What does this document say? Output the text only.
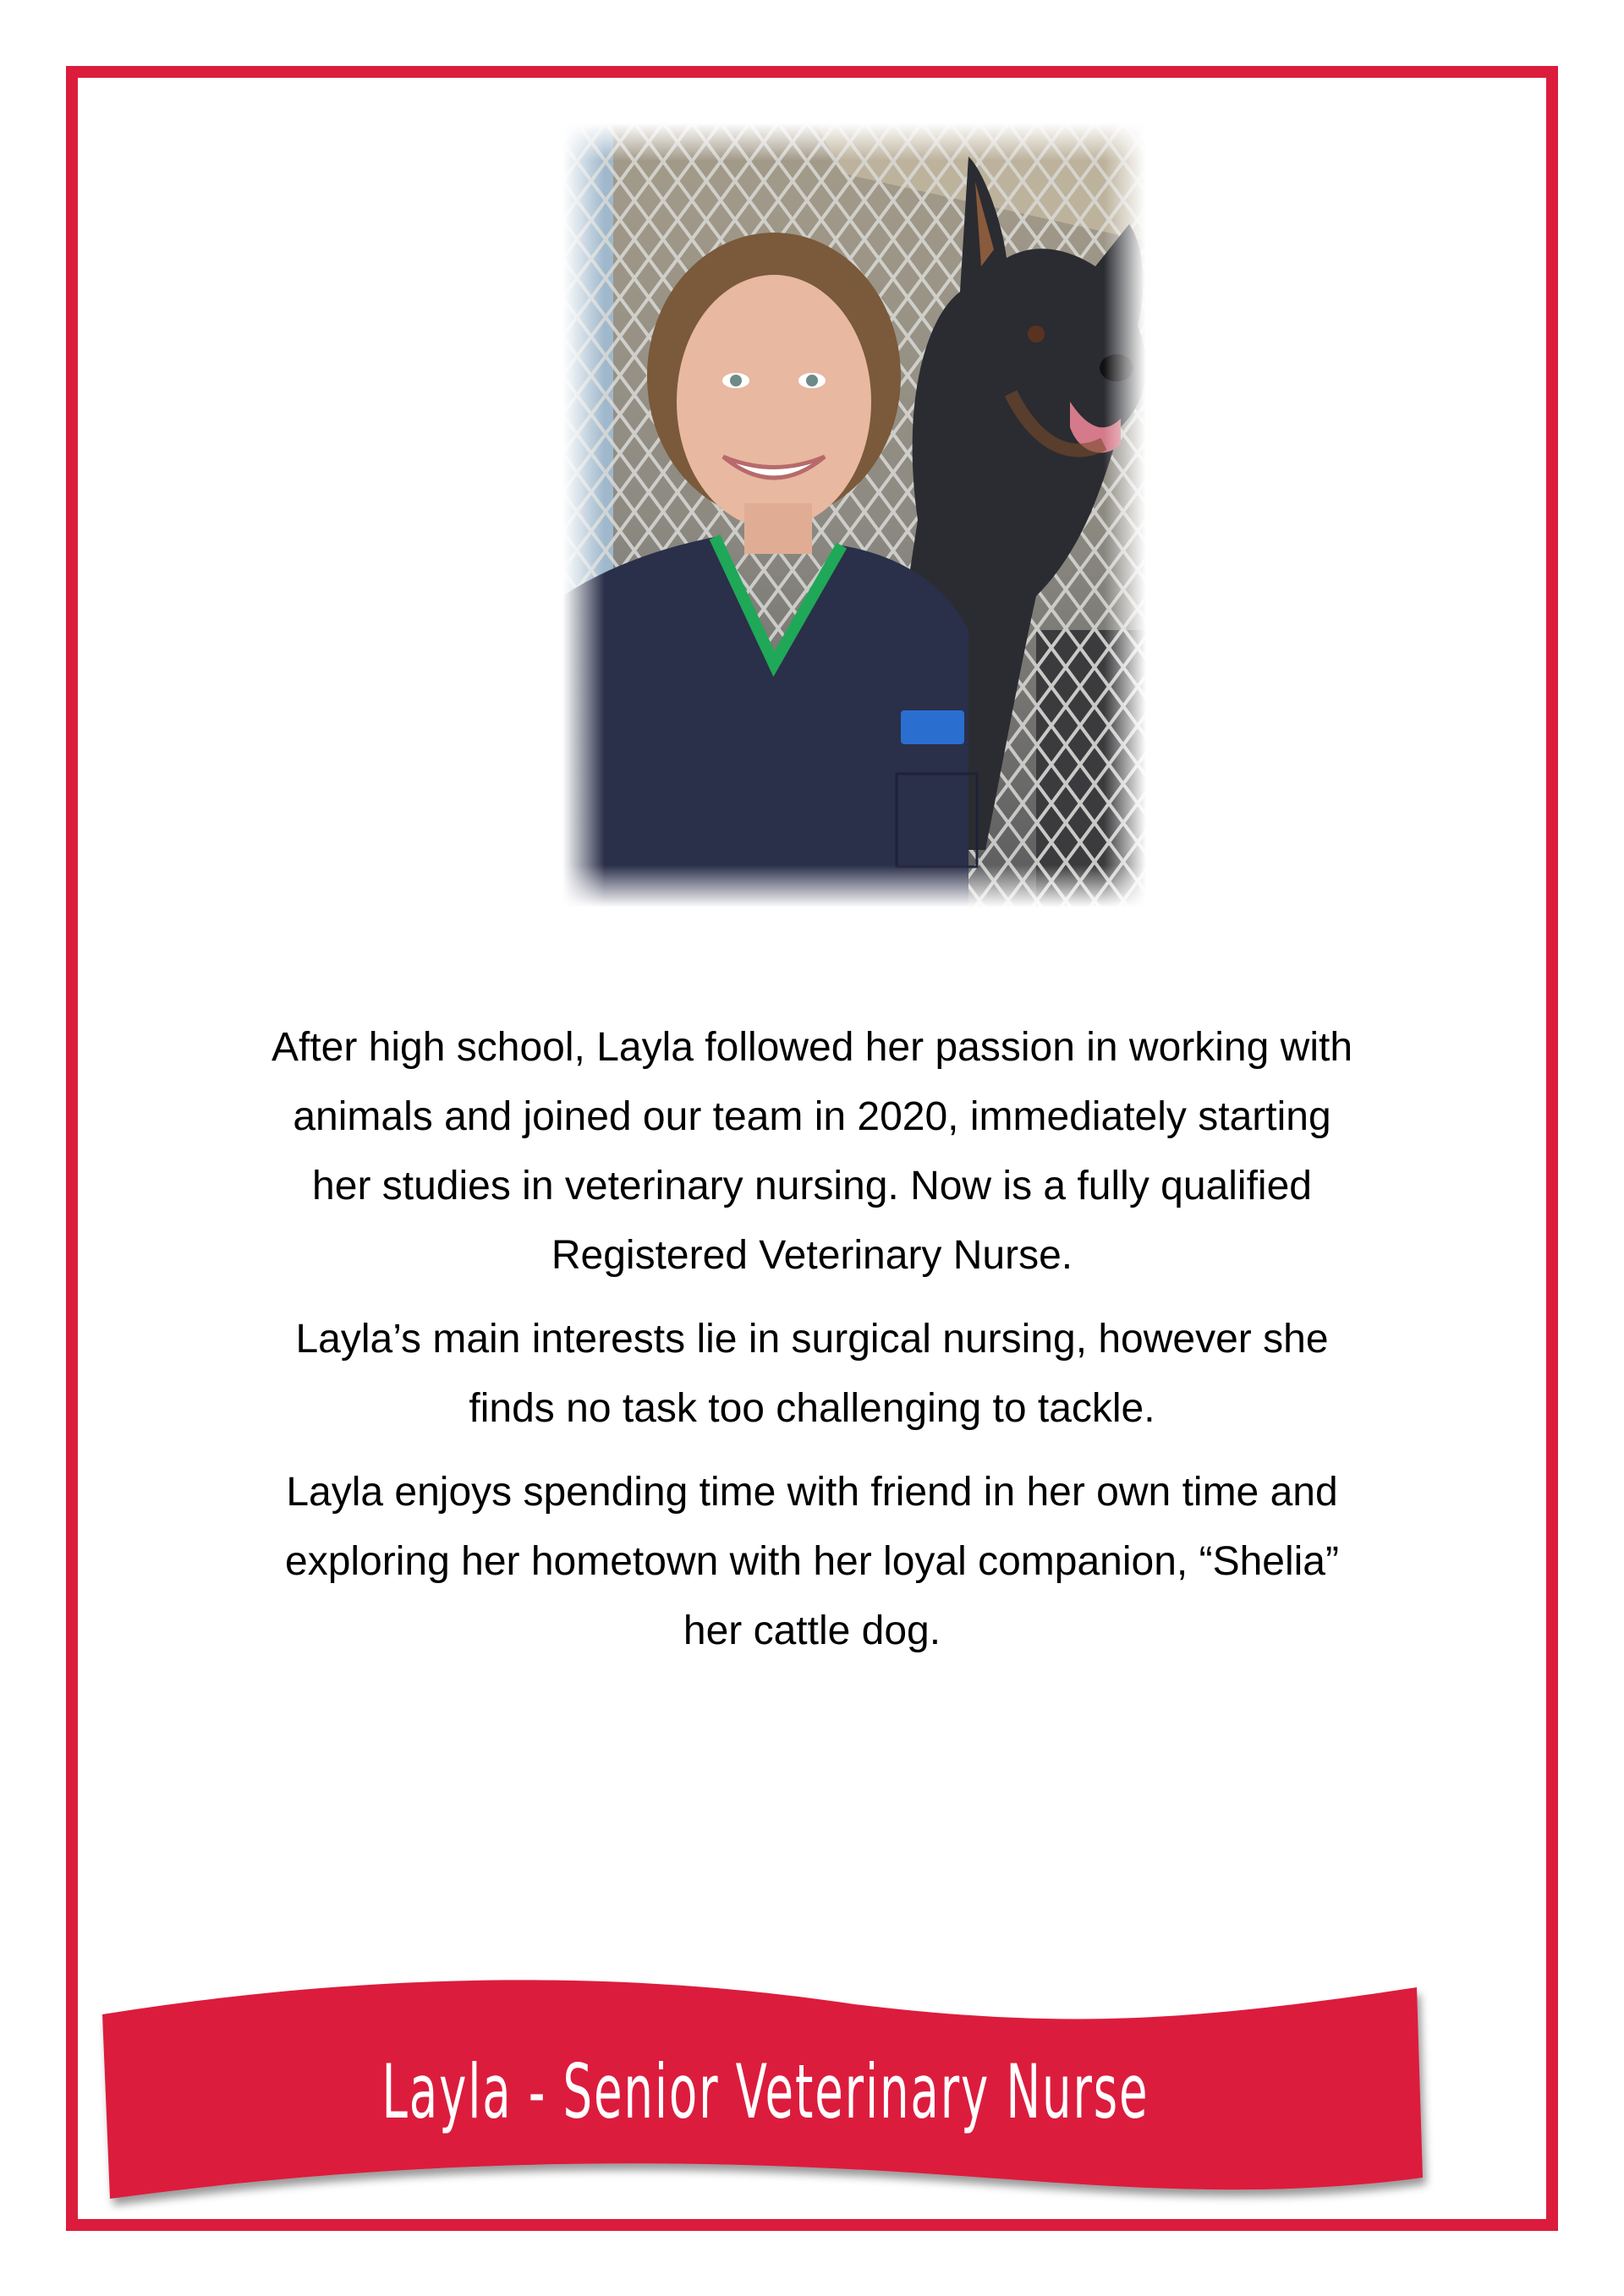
After high school, Layla followed her passion in working with
animals and joined our team in 2020, immediately starting
her studies in veterinary nursing. Now is a fully qualified
Registered Veterinary Nurse.

Layla’s main interests lie in surgical nursing, however she
finds no task too challenging to tackle.

Layla enjoys spending time with friend in her own time and
exploring her hometown with her loyal companion, “Shelia”
her cattle dog.

Layla - Senior Veterinary Nurse
